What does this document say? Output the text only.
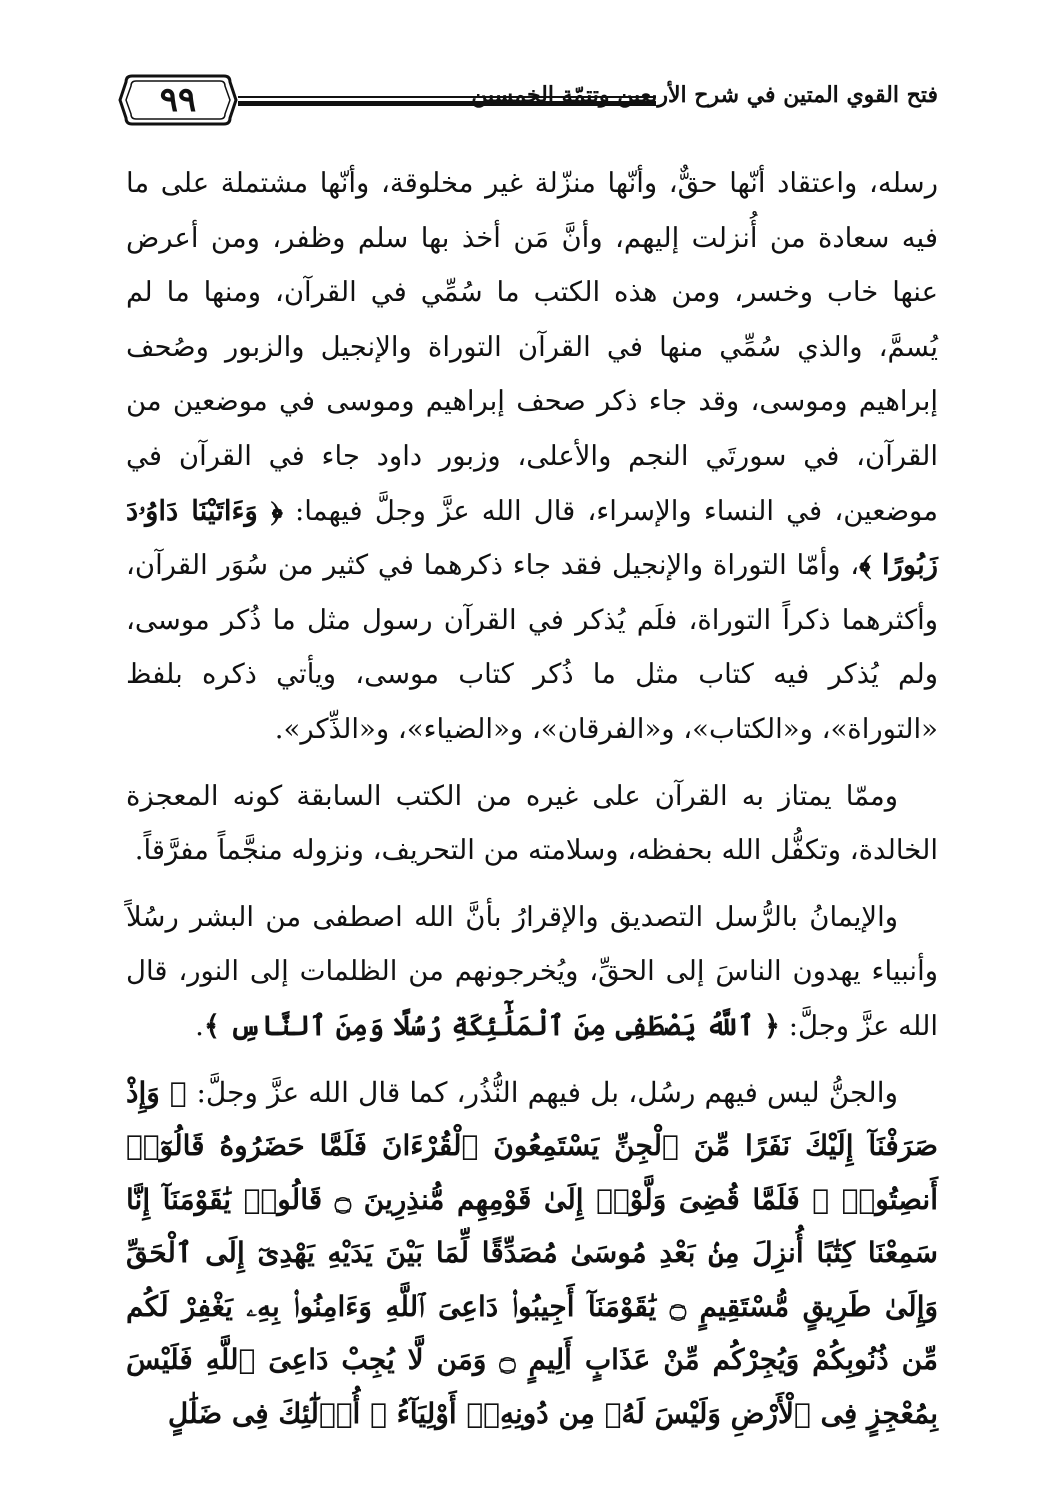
٩٩	فتح القوي المتين في شرح الأربعين وتتمّة الخمسين

رسله، واعتقاد أنّها حقٌّ، وأنّها منزّلة غير مخلوقة، وأنّها مشتملة على ما فيه سعادة من أُنزلت إليهم، وأنَّ مَن أخذ بها سلم وظفر، ومن أعرض عنها خاب وخسر، ومن هذه الكتب ما سُمِّي في القرآن، ومنها ما لم يُسمَّ، والذي سُمِّي منها في القرآن التوراة والإنجيل والزبور وصُحف إبراهيم وموسى، وقد جاء ذكر صحف إبراهيم وموسى في موضعين من القرآن، في سورتَي النجم والأعلى، وزبور داود جاء في القرآن في موضعين، في النساء والإسراء، قال الله عزَّ وجلَّ فيهما: ﴿ وَءَاتَيْنَا دَاوُۥدَ زَبُورًا ﴾، وأمّا التوراة والإنجيل فقد جاء ذكرهما في كثير من سُوَر القرآن، وأكثرهما ذكراً التوراة، فلَم يُذكر في القرآن رسول مثل ما ذُكر موسى، ولم يُذكر فيه كتاب مثل ما ذُكر كتاب موسى، ويأتي ذكره بلفظ «التوراة»، و«الكتاب»، و«الفرقان»، و«الضياء»، و«الذِّكر».

وممّا يمتاز به القرآن على غيره من الكتب السابقة كونه المعجزة الخالدة، وتكفُّل الله بحفظه، وسلامته من التحريف، ونزوله منجَّماً مفرَّقاً.

والإيمانُ بالرُّسل التصديق والإقرارُ بأنَّ الله اصطفى من البشر رسُلاً وأنبياء يهدون الناسَ إلى الحقِّ، ويُخرجونهم من الظلمات إلى النور، قال الله عزَّ وجلَّ: ﴿ ٱللَّهُ يَصْطَفِى مِنَ ٱلْمَلَٰٓئِكَةِ رُسُلًا وَمِنَ ٱلنَّاسِ ﴾.

والجنُّ ليس فيهم رسُل، بل فيهم النُّذُر، كما قال الله عزَّ وجلَّ: ﴿ وَإِذْ صَرَفْنَآ إِلَيْكَ نَفَرًا مِّنَ ٱلْجِنِّ يَسْتَمِعُونَ ٱلْقُرْءَانَ فَلَمَّا حَضَرُوهُ قَالُوٓا۟ أَنصِتُوا۟ ۖ فَلَمَّا قُضِىَ وَلَّوْا۟ إِلَىٰ قَوْمِهِم مُّنذِرِينَ ۝ قَالُوا۟ يَٰقَوْمَنَآ إِنَّا سَمِعْنَا كِتَٰبًا أُنزِلَ مِنۢ بَعْدِ مُوسَىٰ مُصَدِّقًا لِّمَا بَيْنَ يَدَيْهِ يَهْدِىٓ إِلَى ٱلْحَقِّ وَإِلَىٰ طَرِيقٍ مُّسْتَقِيمٍ ۝ يَٰقَوْمَنَآ أَجِيبُوا۟ دَاعِىَ ٱللَّهِ وَءَامِنُوا۟ بِهِۦ يَغْفِرْ لَكُم مِّن ذُنُوبِكُمْ وَيُجِرْكُم مِّنْ عَذَابٍ أَلِيمٍ ۝ وَمَن لَّا يُجِبْ دَاعِىَ ٱللَّهِ فَلَيْسَ بِمُعْجِزٍ فِى ٱلْأَرْضِ وَلَيْسَ لَهُۥ مِن دُونِهِۦٓ أَوْلِيَآءُ ۚ أُو۟لَٰٓئِكَ فِى ضَلَٰلٍ
